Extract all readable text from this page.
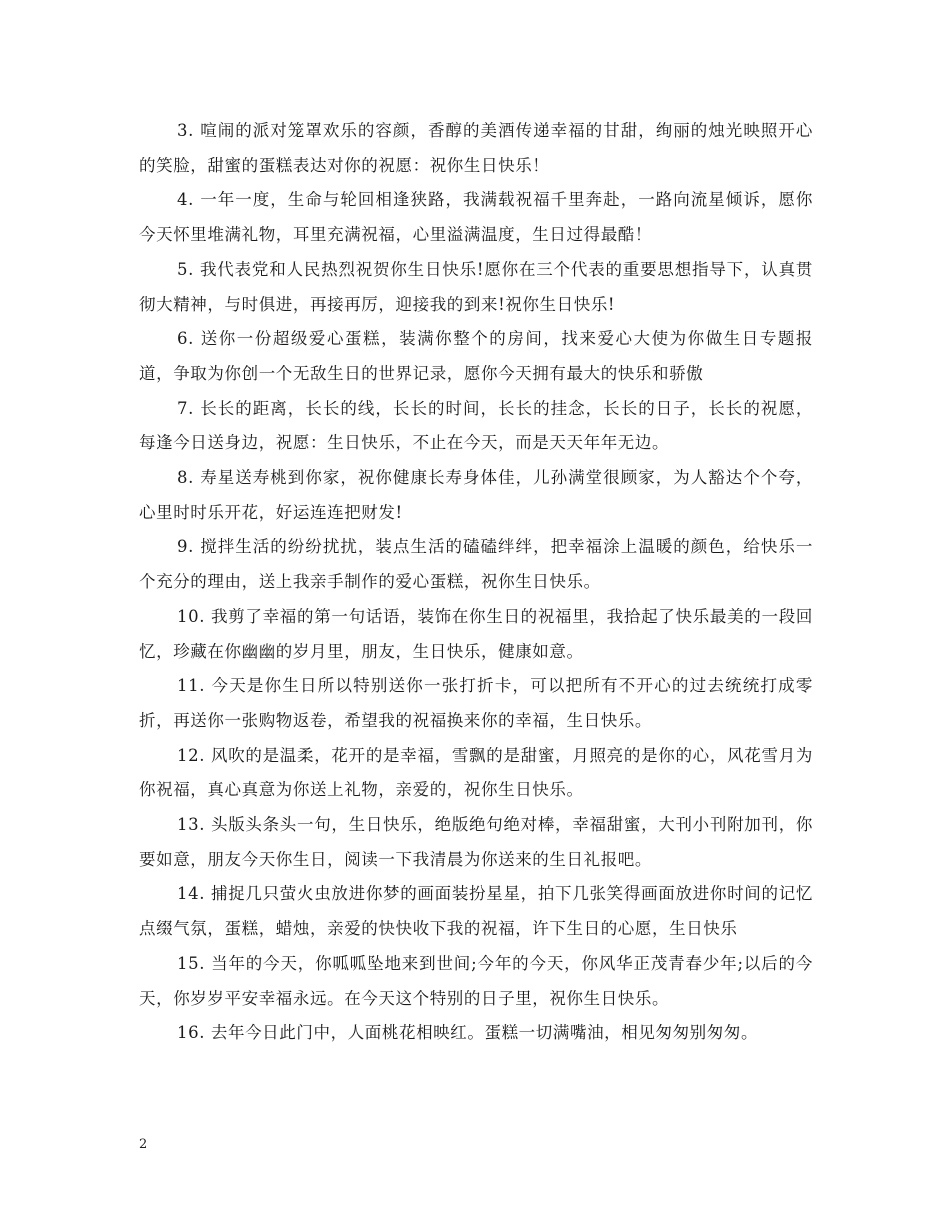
3. 喧闹的派对笼罩欢乐的容颜，香醇的美酒传递幸福的甘甜，绚丽的烛光映照开心的笑脸，甜蜜的蛋糕表达对你的祝愿：祝你生日快乐！

4. 一年一度，生命与轮回相逢狭路，我满载祝福千里奔赴，一路向流星倾诉，愿你今天怀里堆满礼物，耳里充满祝福，心里溢满温度，生日过得最酷！

5. 我代表党和人民热烈祝贺你生日快乐!愿你在三个代表的重要思想指导下，认真贯彻大精神，与时俱进，再接再厉，迎接我的到来!祝你生日快乐!

6. 送你一份超级爱心蛋糕，装满你整个的房间，找来爱心大使为你做生日专题报道，争取为你创一个无敌生日的世界记录，愿你今天拥有最大的快乐和骄傲

7. 长长的距离，长长的线，长长的时间，长长的挂念，长长的日子，长长的祝愿，每逢今日送身边，祝愿：生日快乐，不止在今天，而是天天年年无边。

8. 寿星送寿桃到你家，祝你健康长寿身体佳，儿孙满堂很顾家，为人豁达个个夸，心里时时乐开花，好运连连把财发!

9. 搅拌生活的纷纷扰扰，装点生活的磕磕绊绊，把幸福涂上温暖的颜色，给快乐一个充分的理由，送上我亲手制作的爱心蛋糕，祝你生日快乐。

10. 我剪了幸福的第一句话语，装饰在你生日的祝福里，我拾起了快乐最美的一段回忆，珍藏在你幽幽的岁月里，朋友，生日快乐，健康如意。

11. 今天是你生日所以特别送你一张打折卡，可以把所有不开心的过去统统打成零折，再送你一张购物返卷，希望我的祝福换来你的幸福，生日快乐。

12. 风吹的是温柔，花开的是幸福，雪飘的是甜蜜，月照亮的是你的心，风花雪月为你祝福，真心真意为你送上礼物，亲爱的，祝你生日快乐。

13. 头版头条头一句，生日快乐，绝版绝句绝对棒，幸福甜蜜，大刊小刊附加刊，你要如意，朋友今天你生日，阅读一下我清晨为你送来的生日礼报吧。

14. 捕捉几只萤火虫放进你梦的画面装扮星星，拍下几张笑得画面放进你时间的记忆点缀气氛，蛋糕，蜡烛，亲爱的快快收下我的祝福，许下生日的心愿，生日快乐

15. 当年的今天，你呱呱坠地来到世间;今年的今天，你风华正茂青春少年;以后的今天，你岁岁平安幸福永远。在今天这个特别的日子里，祝你生日快乐。

16. 去年今日此门中，人面桃花相映红。蛋糕一切满嘴油，相见匆匆别匆匆。

2
